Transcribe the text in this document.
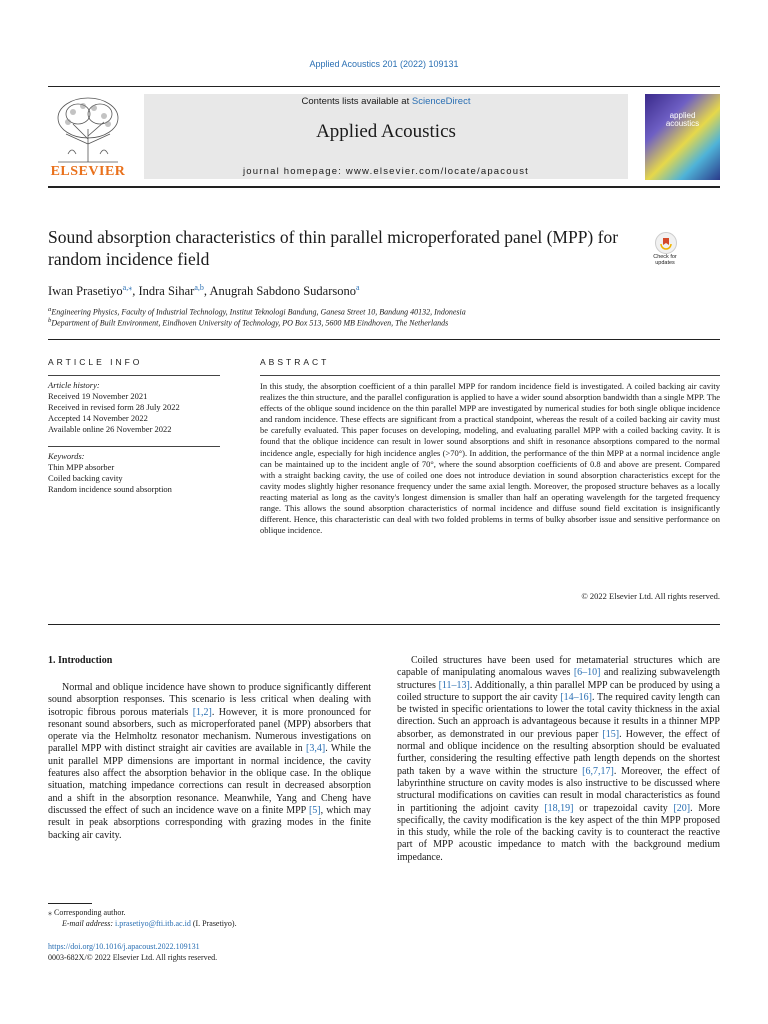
Applied Acoustics 201 (2022) 109131
ELSEVIER
Contents lists available at ScienceDirect
Applied Acoustics
journal homepage: www.elsevier.com/locate/apacoust
applied
acoustics
Sound absorption characteristics of thin parallel microperforated panel (MPP) for random incidence field	Check for updates
Iwan Prasetiyo$^{a,⁎}$, Indra Sihar$^{a,b}$, Anugrah Sabdono Sudarsono$^a$
$^a$Engineering Physics, Faculty of Industrial Technology, Institut Teknologi Bandung, Ganesa Street 10, Bandung 40132, Indonesia
$^b$Department of Built Environment, Eindhoven University of Technology, PO Box 513, 5600 MB Eindhoven, The Netherlands
ARTICLE INFO	ABSTRACT
Article history:
Received 19 November 2021
Received in revised form 28 July 2022
Accepted 14 November 2022
Available online 26 November 2022
Keywords:
Thin MPP absorber
Coiled backing cavity
Random incidence sound absorption
In this study, the absorption coefficient of a thin parallel MPP for random incidence field is investigated. A coiled backing air cavity realizes the thin structure, and the parallel configuration is applied to have a wider sound absorption bandwidth than a single MPP. The effects of the oblique sound incidence on the thin parallel MPP are investigated by numerical studies for both single oblique incidence and random incidence. These effects are significant from a practical standpoint, whereas the result of a coiled backing air cavity must be carefully evaluated. This paper focuses on developing, modeling, and evaluating parallel MPP with a coiled backing cavity. It is found that the oblique incidence can result in lower sound absorptions and shift in resonance absorptions compared to the normal incidence angle, especially for high incidence angles (>70°). In addition, the performance of the thin MPP at a normal incidence angle can be maintained up to the incident angle of 70°, where the sound absorption coefficients of 0.8 and above are present. Compared with a straight backing cavity, the use of coiled one does not introduce deviation in sound absorption characteristics except for the cavity modes slightly higher resonance frequency under the same axial length. Moreover, the proposed structure behaves as a locally reacting material as long as the cavity's longest dimension is smaller than half an operating wavelength for the targeted frequency range. This allows the sound absorption characteristics of normal incidence and diffuse sound field excitation is insignificantly different. Hence, this characteristic can deal with two folded problems in terms of bulky absorber issue and sensitive performance on oblique incidence.
© 2022 Elsevier Ltd. All rights reserved.
1. Introduction

Normal and oblique incidence have shown to produce significantly different sound absorption responses. This scenario is less critical when dealing with isotropic fibrous porous materials [1,2]. However, it is more pronounced for resonant sound absorbers, such as microperforated panel (MPP) absorbers that operate via the Helmholtz resonator mechanism. Numerous investigations on parallel MPP with distinct straight air cavities are available in [3,4]. While the unit parallel MPP dimensions are important in normal incidence, the cavity features also affect the absorption behavior in the oblique case. In the oblique situation, matching impedance corrections can result in decreased absorption and a shift in the absorption resonance. Meanwhile, Yang and Cheng have discussed the effect of such an incidence wave on a finite MPP [5], which may result in peak absorptions corresponding with grazing modes in the finite backing air cavity.

Coiled structures have been used for metamaterial structures which are capable of manipulating anomalous waves [6–10] and realizing subwavelength structures [11–13]. Additionally, a thin parallel MPP can be produced by using a coiled structure to support the air cavity [14–16]. The required cavity length can be twisted in specific orientations to lower the total cavity thickness in the axial direction. Such an approach is advantageous because it results in a thinner MPP absorber, as demonstrated in our previous paper [15]. However, the effect of normal and oblique incidence on the resulting absorption should be evaluated further, considering the resulting effective path length depends on the shortest path taken by a wave within the structure [6,7,17]. Moreover, the effect of labyrinthine structure on cavity modes is also instructive to be discussed where structural modifications on cavities can result in modal characteristics as found in partitioning the adjoint cavity [18,19] or trapezoidal cavity [20]. More specifically, the cavity modification is the key aspect of the thin MPP proposed in this study, while the role of the backing cavity is to counteract the reactive part of MPP acoustic impedance to match with the background medium impedance.

⁎ Corresponding author.
E-mail address: i.prasetiyo@fti.itb.ac.id (I. Prasetiyo).
https://doi.org/10.1016/j.apacoust.2022.109131
0003-682X/© 2022 Elsevier Ltd. All rights reserved.
